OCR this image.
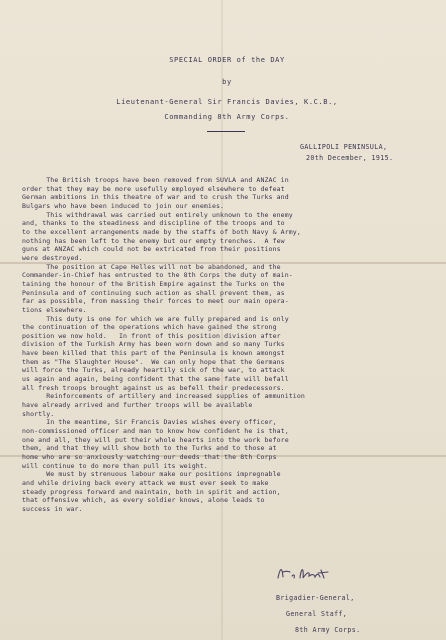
SPECIAL ORDER of the DAY
by
Lieutenant-General Sir Francis Davies, K.C.B.,
Commanding 8th Army Corps.
GALLIPOLI PENINSULA,
20th December, 1915.

The British troops have been removed from SUVLA and ANZAC in

order that they may be more usefully employed elsewhere to defeat

German ambitions in this theatre of war and to crush the Turks and

Bulgars who have been induced to join our enemies.

This withdrawal was carried out entirely unknown to the enemy

and, thanks to the steadiness and discipline of the troops and to

to the excellent arrangements made by the staffs of both Navy & Army,

nothing has been left to the enemy but our empty trenches.  A few

guns at ANZAC which could not be extricated from their positions

were destroyed.

The position at Cape Helles will not be abandoned, and the

Commander-in-Chief has entrusted to the 8th Corps the duty of main-

taining the honour of the British Empire against the Turks on the

Peninsula and of continuing such action as shall prevent them, as

far as possible, from massing their forces to meet our main opera-

tions elsewhere.

This duty is one for which we are fully prepared and is only

the continuation of the operations which have gained the strong

position we now hold.   In front of this position division after

division of the Turkish Army has been worn down and so many Turks

have been killed that this part of the Peninsula is known amongst

them as "The Slaughter House".  We can only hope that the Germans

will force the Turks, already heartily sick of the war, to attack

us again and again, being confident that the same fate will befall

all fresh troops brought against us as befell their predecessors.

Reinforcements of artillery and increased supplies of ammunition

have already arrived and further troops will be available

shortly.

In the meantime, Sir Francis Davies wishes every officer,

non-commissioned officer and man to know how confident he is that,

one and all, they will put their whole hearts into the work before

them, and that they will show both to the Turks and to those at

home who are so anxiously watching our deeds that the 8th Corps

will continue to do more than pull its weight.

We must by strenuous labour make our positions impregnable

and while driving back every attack we must ever seek to make

steady progress forward and maintain, both in spirit and action,

that offensive which, as every soldier knows, alone leads to

success in war.

Brigadier-General,
General Staff,
8th Army Corps.
